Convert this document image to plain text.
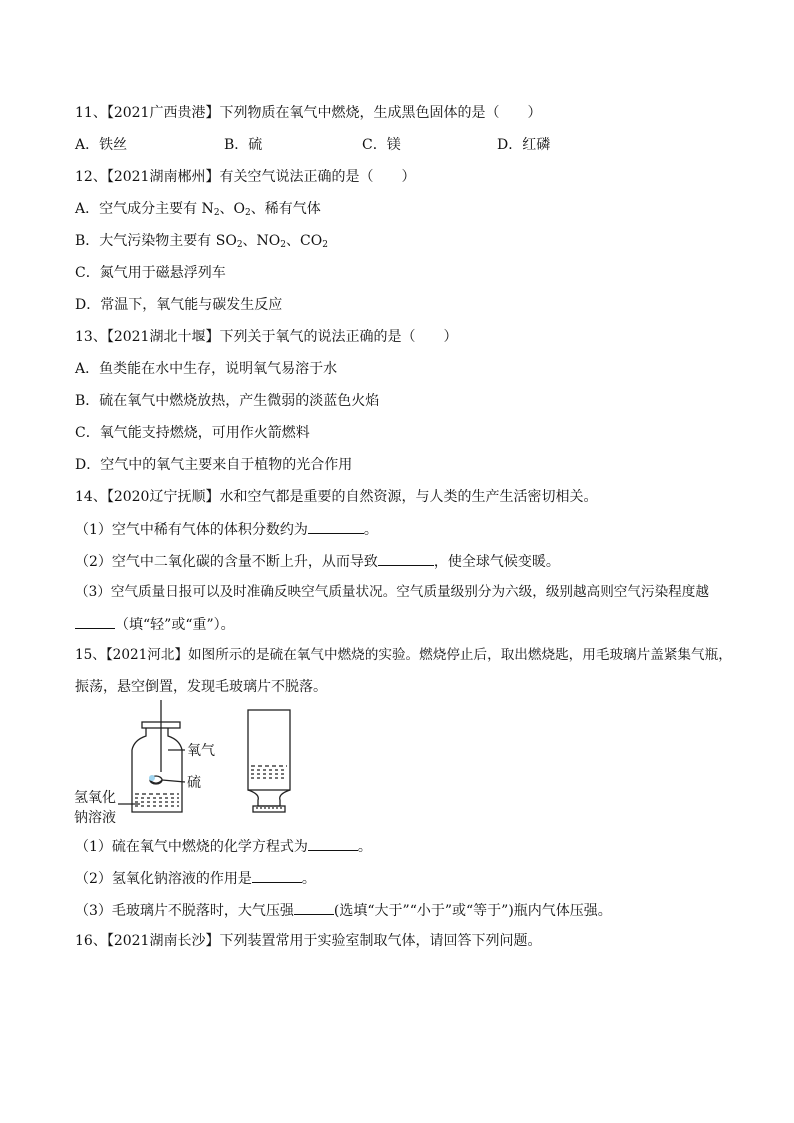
11、【2021广西贵港】下列物质在氧气中燃烧，生成黑色固体的是（　　）
A．铁丝	B．硫	C．镁	D．红磷
12、【2021湖南郴州】有关空气说法正确的是（　　）
A．空气成分主要有 $N_2$、$O_2$、稀有气体
B．大气污染物主要有 $SO_2$、$NO_2$、$CO_2$
C．氮气用于磁悬浮列车
D．常温下，氧气能与碳发生反应
13、【2021湖北十堰】下列关于氧气的说法正确的是（　　）
A．鱼类能在水中生存，说明氧气易溶于水
B．硫在氧气中燃烧放热，产生微弱的淡蓝色火焰
C．氧气能支持燃烧，可用作火箭燃料
D．空气中的氧气主要来自于植物的光合作用
14、【2020辽宁抚顺】水和空气都是重要的自然资源，与人类的生产生活密切相关。
（1）空气中稀有气体的体积分数约为	。
（2）空气中二氧化碳的含量不断上升，从而导致	，使全球气候变暖。
（3）空气质量日报可以及时准确反映空气质量状况。空气质量级别分为六级，级别越高则空气污染程度越
（填“轻”或“重”）。
15、【2021河北】如图所示的是硫在氧气中燃烧的实验。燃烧停止后，取出燃烧匙，用毛玻璃片盖紧集气瓶，
振荡，悬空倒置，发现毛玻璃片不脱落。
氧气
硫
氢氧化
钠溶液
（1）硫在氧气中燃烧的化学方程式为	。
（2）氢氧化钠溶液的作用是	。
（3）毛玻璃片不脱落时，大气压强	(选填“大于”“小于”或“等于”)瓶内气体压强。
16、【2021湖南长沙】下列装置常用于实验室制取气体，请回答下列问题。
